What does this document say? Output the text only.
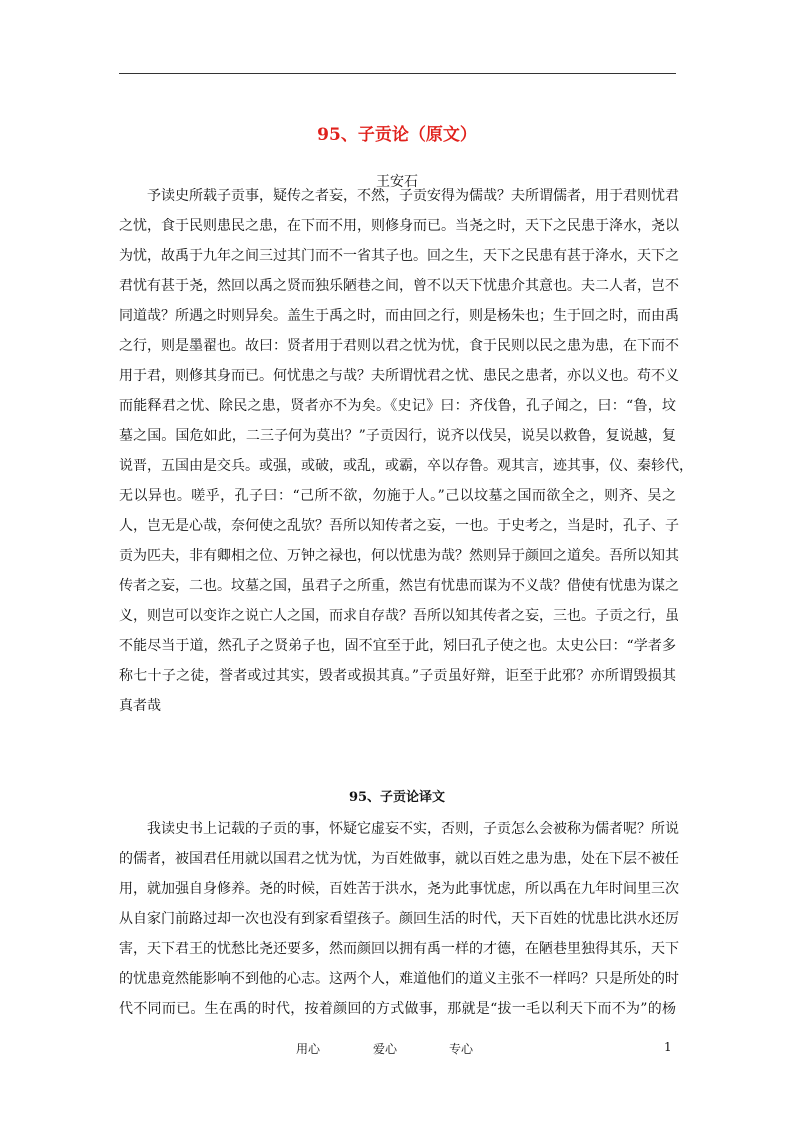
95、子贡论（原文）
王安石
予读史所载子贡事，疑传之者妄，不然，子贡安得为儒哉？夫所谓儒者，用于君则忧君
之忧，食于民则患民之患，在下而不用，则修身而已。当尧之时，天下之民患于洚水，尧以
为忧，故禹于九年之间三过其门而不一省其子也。回之生，天下之民患有甚于洚水，天下之
君忧有甚于尧，然回以禹之贤而独乐陋巷之间，曾不以天下忧患介其意也。夫二人者，岂不
同道哉？所遇之时则异矣。盖生于禹之时，而由回之行，则是杨朱也；生于回之时，而由禹
之行，则是墨翟也。故曰：贤者用于君则以君之忧为忧，食于民则以民之患为患，在下而不
用于君，则修其身而已。何忧患之与哉？夫所谓忧君之忧、患民之患者，亦以义也。苟不义
而能释君之忧、除民之患，贤者亦不为矣。《史记》曰：齐伐鲁，孔子闻之，曰：“鲁，坟
墓之国。国危如此，二三子何为莫出？”子贡因行，说齐以伐吴，说吴以救鲁，复说越，复
说晋，五国由是交兵。或强，或破，或乱，或霸，卒以存鲁。观其言，迹其事，仪、秦轸代，
无以异也。嗟乎，孔子曰：“己所不欲，勿施于人。”己以坟墓之国而欲全之，则齐、吴之
人，岂无是心哉，奈何使之乱欤？吾所以知传者之妄，一也。于史考之，当是时，孔子、子
贡为匹夫，非有卿相之位、万钟之禄也，何以忧患为哉？然则异于颜回之道矣。吾所以知其
传者之妄，二也。坟墓之国，虽君子之所重，然岂有忧患而谋为不义哉？借使有忧患为谋之
义，则岂可以变诈之说亡人之国，而求自存哉？吾所以知其传者之妄，三也。子贡之行，虽
不能尽当于道，然孔子之贤弟子也，固不宜至于此，矧曰孔子使之也。太史公曰：“学者多
称七十子之徒，誉者或过其实，毁者或损其真。”子贡虽好辩，讵至于此邪？亦所谓毁损其
真者哉
95、子贡论译文
我读史书上记载的子贡的事，怀疑它虚妄不实，否则，子贡怎么会被称为儒者呢？所说
的儒者，被国君任用就以国君之忧为忧，为百姓做事，就以百姓之患为患，处在下层不被任
用，就加强自身修养。尧的时候，百姓苦于洪水，尧为此事忧虑，所以禹在九年时间里三次
从自家门前路过却一次也没有到家看望孩子。颜回生活的时代，天下百姓的忧患比洪水还厉
害，天下君王的忧愁比尧还要多，然而颜回以拥有禹一样的才德，在陋巷里独得其乐，天下
的忧患竟然能影响不到他的心志。这两个人，难道他们的道义主张不一样吗？只是所处的时
代不同而已。生在禹的时代，按着颜回的方式做事，那就是“拔一毛以利天下而不为”的杨
用心	爱心	专心	1
